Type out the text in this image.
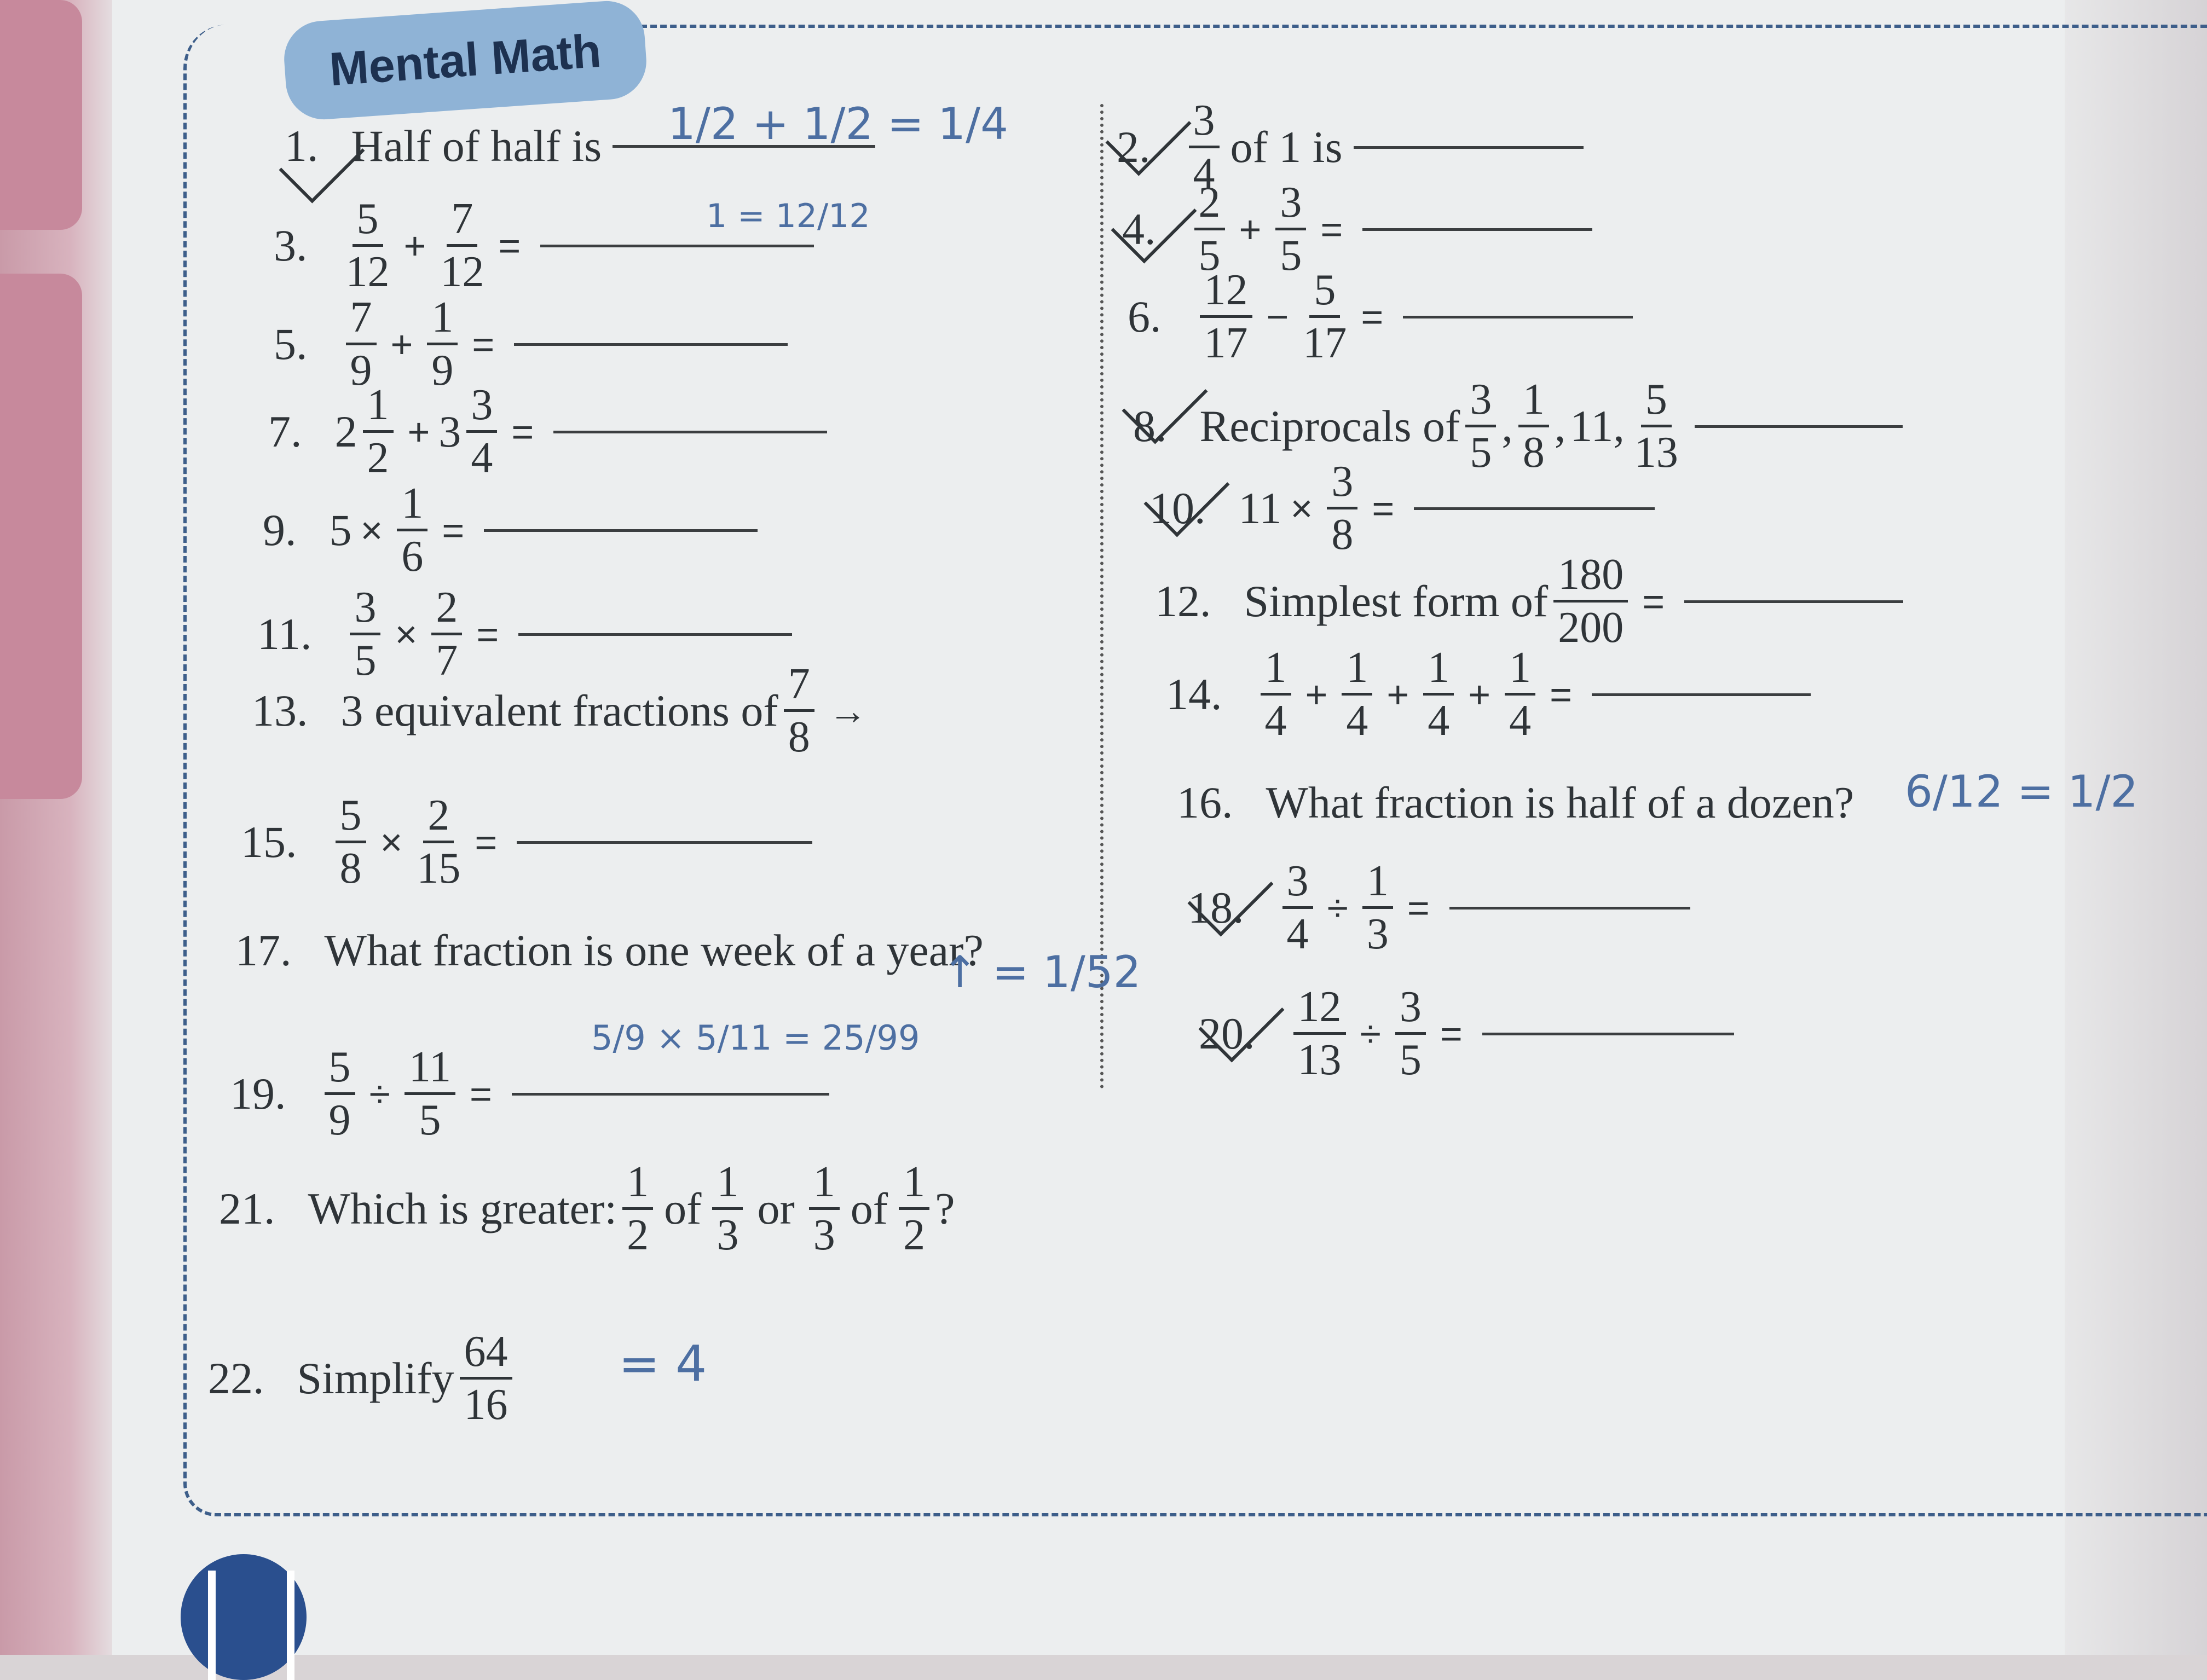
Mental Math
1. Half of half is 1/2 + 1/2 = 1/4 2. $\frac{3}{4}$ of 1 is
3. $\frac{5}{12} + \frac{7}{12}$ =
1 = 12/12	4. $\frac{2}{5} + \frac{3}{5}$ =
5. $\frac{7}{9} + \frac{1}{9}$ =
6. $\frac{12}{17} - \frac{5}{17}$ =
7. $2 \frac{1}{2} + 3 \frac{3}{4}$ =	8. Reciprocals of $\frac{3}{5}$ , $\frac{1}{8}$ , 11, $\frac{5}{13}$
9. $5 \times \frac{1}{6}$ =	10. $11 \times \frac{3}{8}$ =
11. $\frac{3}{5} \times \frac{2}{7}$ =
12. Simplest form of $\frac{180}{200}$ =
13. 3 equivalent fractions of $\frac{7}{8}$ →	14. $\frac{1}{4} + \frac{1}{4} + \frac{1}{4} + \frac{1}{4}$ =
15. $\frac{5}{8} \times \frac{2}{15}$ =
16. What fraction is half of a dozen? 6/12 = 1/2
17. What fraction is one week of a year?
↑ = 1/52
18. $\frac{3}{4} \div \frac{1}{3}$ =
19. $\frac{5}{9} \div \frac{11}{5}$ =
5/9 × 5/11 = 25/99	20. $\frac{12}{13} \div \frac{3}{5}$ =
21. Which is greater: $\frac{1}{2}$ of $\frac{1}{3}$ or $\frac{1}{3}$ of $\frac{1}{2}$ ?
22. Simplify $\frac{64}{16} = 4$
